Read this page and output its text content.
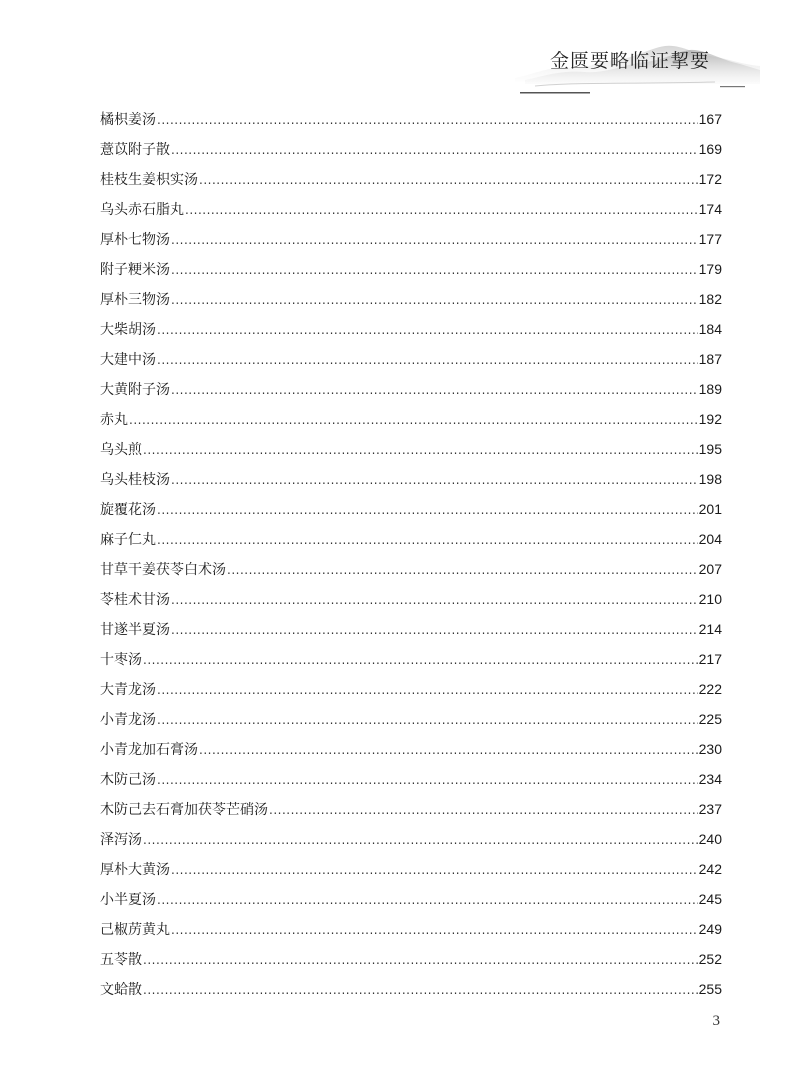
金匮要略临证挈要
橘枳姜汤 .....	167
薏苡附子散 .....	169
桂枝生姜枳实汤 .....	172
乌头赤石脂丸 .....	174
厚朴七物汤 .....	177
附子粳米汤 .....	179
厚朴三物汤 .....	182
大柴胡汤 .....	184
大建中汤 .....	187
大黄附子汤 .....	189
赤丸 .....	192
乌头煎 .....	195
乌头桂枝汤 .....	198
旋覆花汤 .....	201
麻子仁丸 .....	204
甘草干姜茯苓白术汤 .....	207
苓桂术甘汤 .....	210
甘遂半夏汤 .....	214
十枣汤 .....	217
大青龙汤 .....	222
小青龙汤 .....	225
小青龙加石膏汤 .....	230
木防己汤 .....	234
木防己去石膏加茯苓芒硝汤 .....	237
泽泻汤 .....	240
厚朴大黄汤 .....	242
小半夏汤 .....	245
己椒苈黄丸 .....	249
五苓散 .....	252
文蛤散 .....	255
3
